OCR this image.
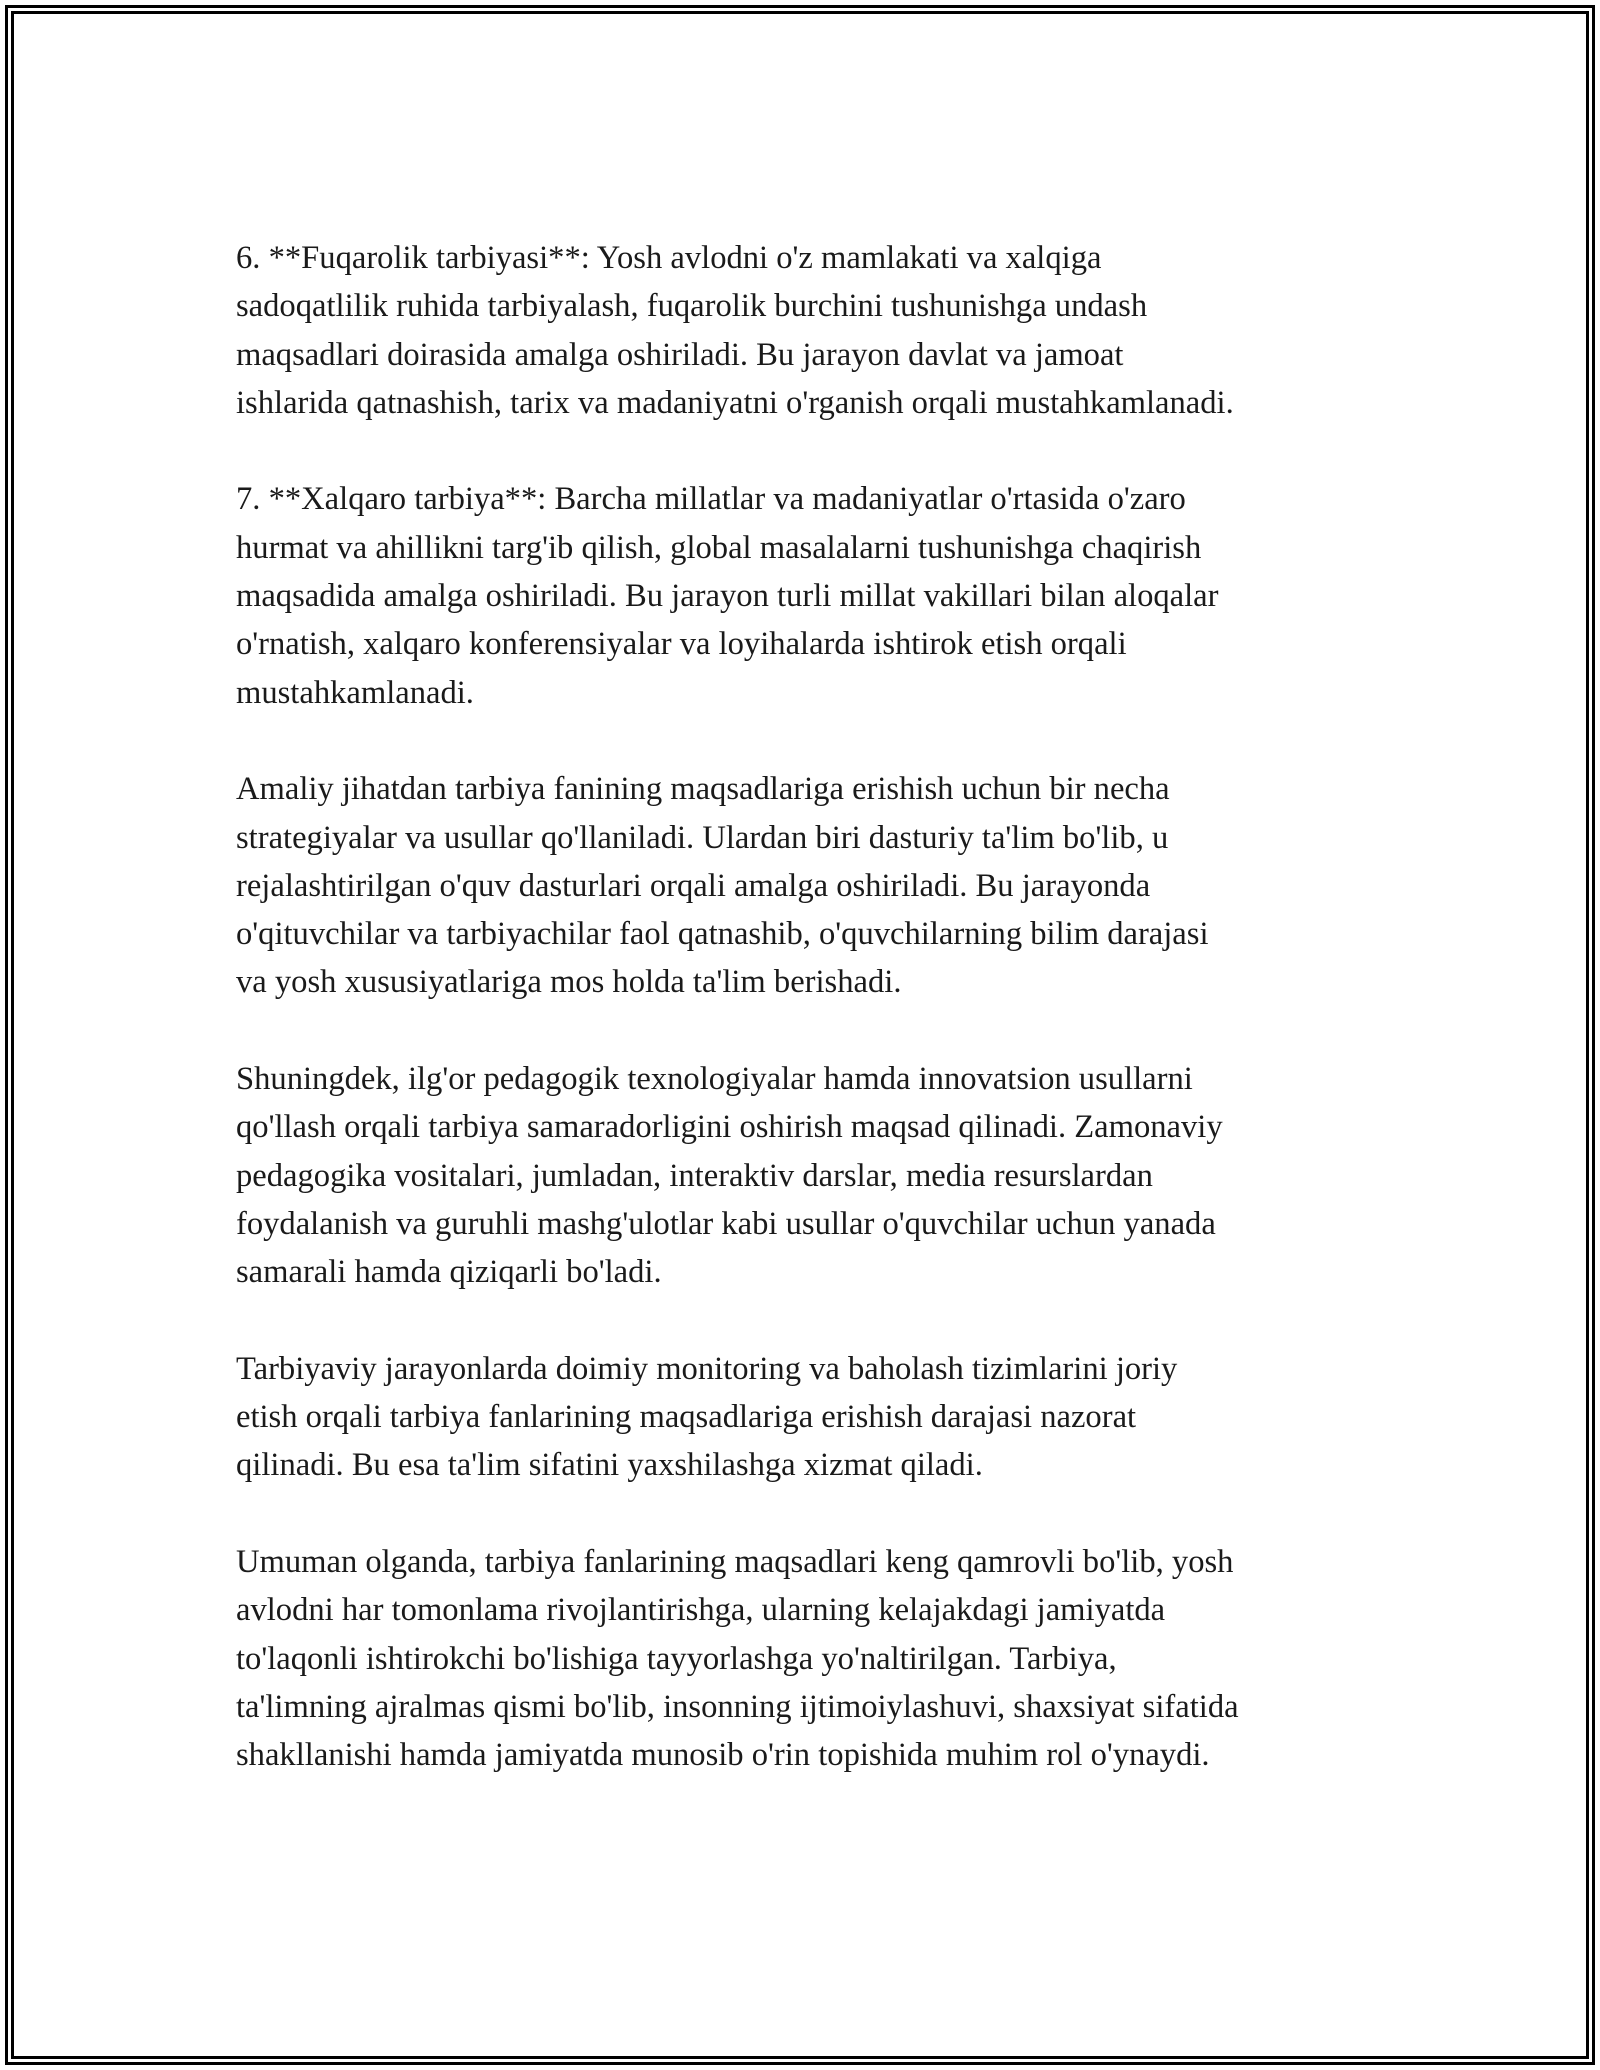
6. **Fuqarolik tarbiyasi**: Yosh avlodni o'z mamlakati va xalqiga
sadoqatlilik ruhida tarbiyalash, fuqarolik burchini tushunishga undash
maqsadlari doirasida amalga oshiriladi. Bu jarayon davlat va jamoat
ishlarida qatnashish, tarix va madaniyatni o'rganish orqali mustahkamlanadi.

7. **Xalqaro tarbiya**: Barcha millatlar va madaniyatlar o'rtasida o'zaro
hurmat va ahillikni targ'ib qilish, global masalalarni tushunishga chaqirish
maqsadida amalga oshiriladi. Bu jarayon turli millat vakillari bilan aloqalar
o'rnatish, xalqaro konferensiyalar va loyihalarda ishtirok etish orqali
mustahkamlanadi.

Amaliy jihatdan tarbiya fanining maqsadlariga erishish uchun bir necha
strategiyalar va usullar qo'llaniladi. Ulardan biri dasturiy ta'lim bo'lib, u
rejalashtirilgan o'quv dasturlari orqali amalga oshiriladi. Bu jarayonda
o'qituvchilar va tarbiyachilar faol qatnashib, o'quvchilarning bilim darajasi
va yosh xususiyatlariga mos holda ta'lim berishadi.

Shuningdek, ilg'or pedagogik texnologiyalar hamda innovatsion usullarni
qo'llash orqali tarbiya samaradorligini oshirish maqsad qilinadi. Zamonaviy
pedagogika vositalari, jumladan, interaktiv darslar, media resurslardan
foydalanish va guruhli mashg'ulotlar kabi usullar o'quvchilar uchun yanada
samarali hamda qiziqarli bo'ladi.

Tarbiyaviy jarayonlarda doimiy monitoring va baholash tizimlarini joriy
etish orqali tarbiya fanlarining maqsadlariga erishish darajasi nazorat
qilinadi. Bu esa ta'lim sifatini yaxshilashga xizmat qiladi.

Umuman olganda, tarbiya fanlarining maqsadlari keng qamrovli bo'lib, yosh
avlodni har tomonlama rivojlantirishga, ularning kelajakdagi jamiyatda
to'laqonli ishtirokchi bo'lishiga tayyorlashga yo'naltirilgan. Tarbiya,
ta'limning ajralmas qismi bo'lib, insonning ijtimoiylashuvi, shaxsiyat sifatida
shakllanishi hamda jamiyatda munosib o'rin topishida muhim rol o'ynaydi.
